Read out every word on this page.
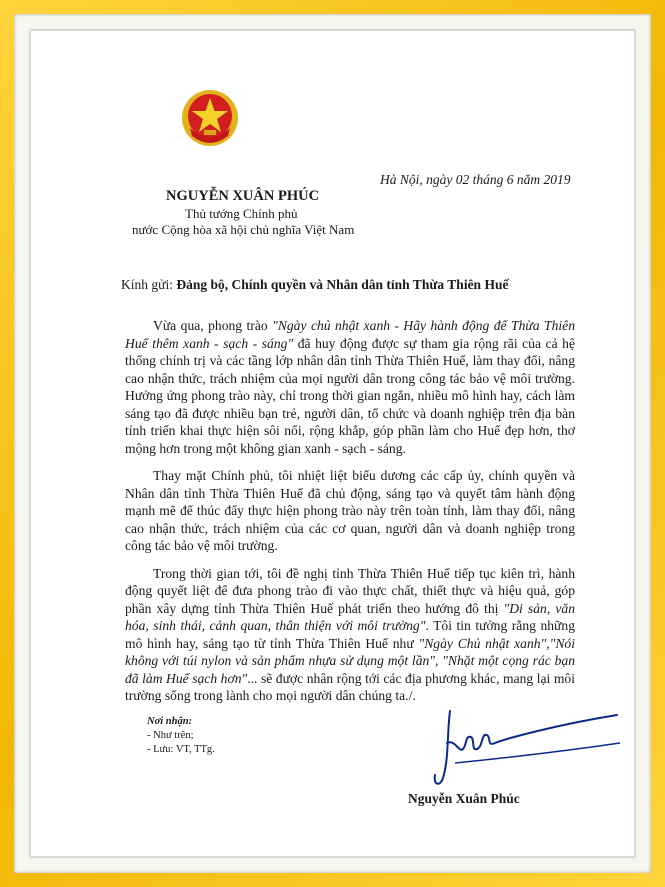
Hà Nội, ngày 02 tháng 6 năm 2019
NGUYỄN XUÂN PHÚC
Thủ tướng Chính phủ
nước Cộng hòa xã hội chủ nghĩa Việt Nam
Kính gửi: Đảng bộ, Chính quyền và Nhân dân tỉnh Thừa Thiên Huế

Vừa qua, phong trào "Ngày chủ nhật xanh - Hãy hành động để Thừa Thiên Huế thêm xanh - sạch - sáng" đã huy động được sự tham gia rộng rãi của cả hệ thống chính trị và các tầng lớp nhân dân tỉnh Thừa Thiên Huế, làm thay đổi, nâng cao nhận thức, trách nhiệm của mọi người dân trong công tác bảo vệ môi trường. Hưởng ứng phong trào này, chỉ trong thời gian ngắn, nhiều mô hình hay, cách làm sáng tạo đã được nhiều bạn trẻ, người dân, tổ chức và doanh nghiệp trên địa bàn tỉnh triển khai thực hiện sôi nổi, rộng khắp, góp phần làm cho Huế đẹp hơn, thơ mộng hơn trong một không gian xanh - sạch - sáng.

Thay mặt Chính phủ, tôi nhiệt liệt biểu dương các cấp ủy, chính quyền và Nhân dân tỉnh Thừa Thiên Huế đã chủ động, sáng tạo và quyết tâm hành động mạnh mẽ để thúc đẩy thực hiện phong trào này trên toàn tỉnh, làm thay đổi, nâng cao nhận thức, trách nhiệm của các cơ quan, người dân và doanh nghiệp trong công tác bảo vệ môi trường.

Trong thời gian tới, tôi đề nghị tỉnh Thừa Thiên Huế tiếp tục kiên trì, hành động quyết liệt để đưa phong trào đi vào thực chất, thiết thực và hiệu quả, góp phần xây dựng tỉnh Thừa Thiên Huế phát triển theo hướng đô thị "Di sản, văn hóa, sinh thái, cảnh quan, thân thiện với môi trường". Tôi tin tưởng rằng những mô hình hay, sáng tạo từ tỉnh Thừa Thiên Huế như "Ngày Chủ nhật xanh","Nói không với túi nylon và sản phẩm nhựa sử dụng một lần", "Nhặt một cọng rác bạn đã làm Huế sạch hơn"... sẽ được nhân rộng tới các địa phương khác, mang lại môi trường sống trong lành cho mọi người dân chúng ta./.

Nơi nhận:
- Như trên;
- Lưu: VT, TTg.
Nguyễn Xuân Phúc
